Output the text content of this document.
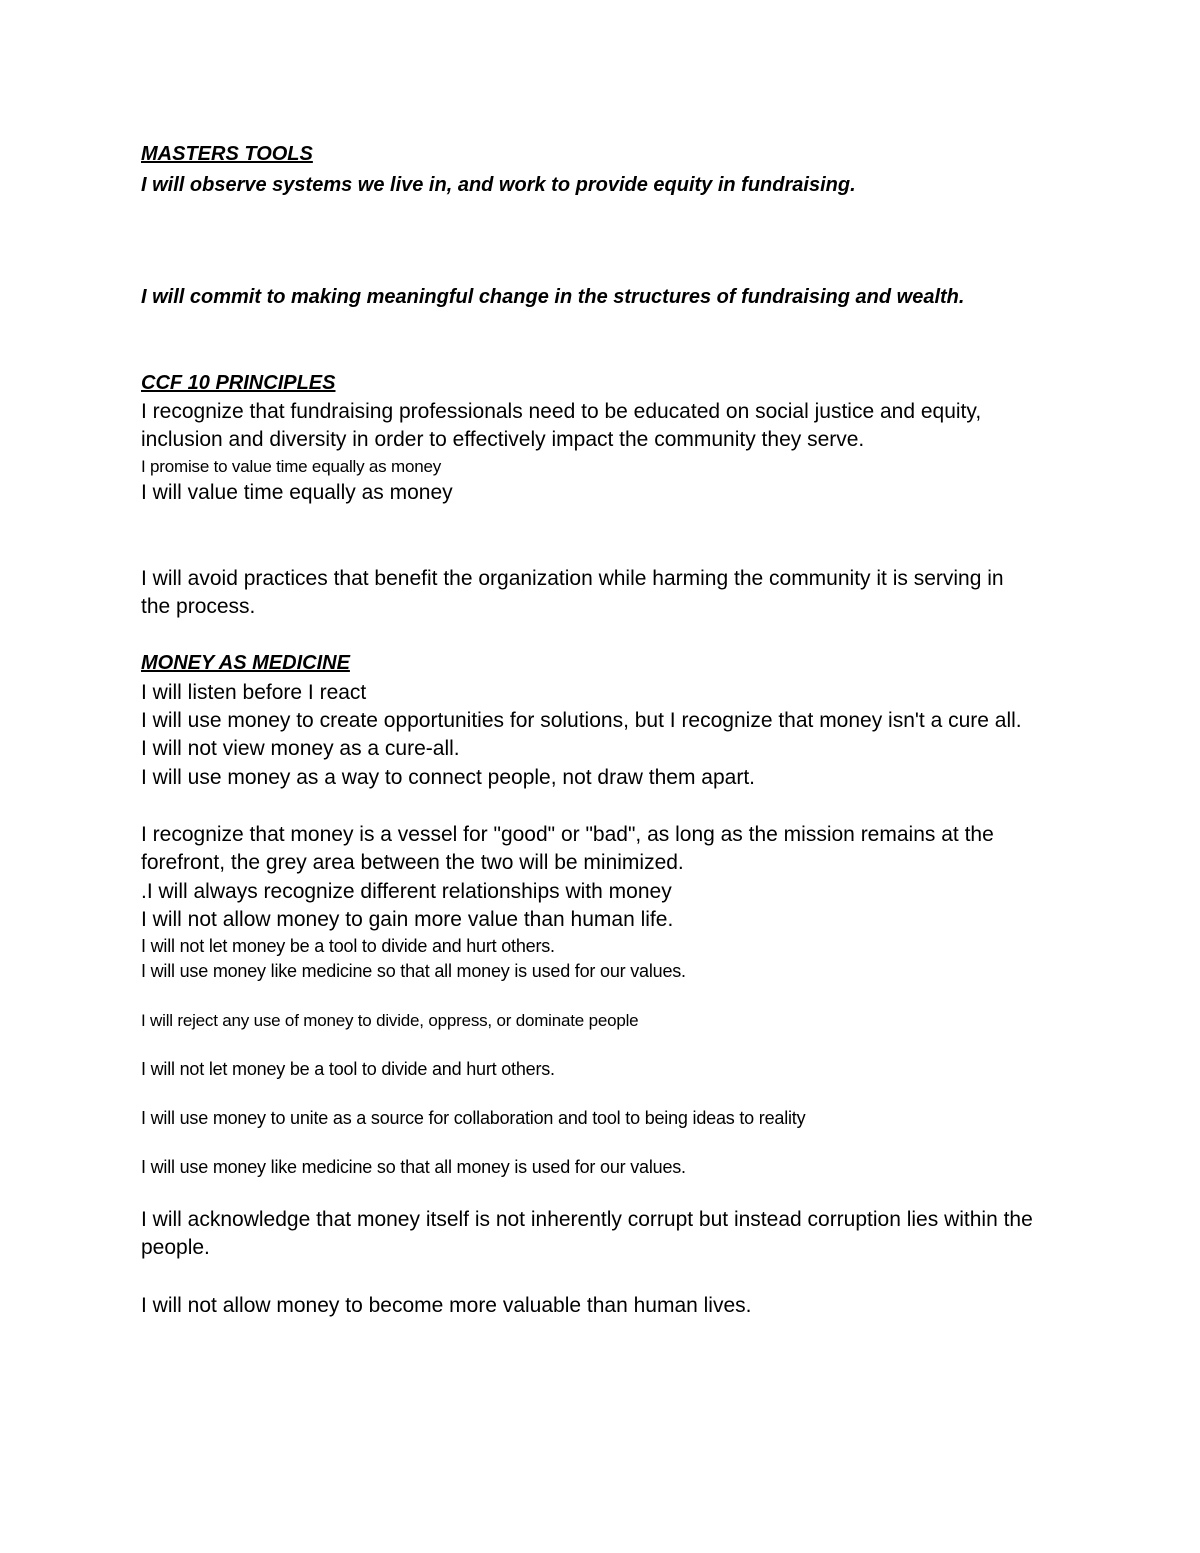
MASTERS TOOLS

I will observe systems we live in, and work to provide equity in fundraising.

I will commit to making meaningful change in the structures of fundraising and wealth.

CCF 10 PRINCIPLES

I recognize that fundraising professionals need to be educated on social justice and equity,

inclusion and diversity in order to effectively impact the community they serve.

I promise to value time equally as money

I will value time equally as money

I will avoid practices that benefit the organization while harming the community it is serving in

the process.

MONEY AS MEDICINE

I will listen before I react

I will use money to create opportunities for solutions, but I recognize that money isn't a cure all.

I will not view money as a cure-all.

I will use money as a way to connect people, not draw them apart.

I recognize that money is a vessel for "good" or "bad", as long as the mission remains at the

forefront, the grey area between the two will be minimized.

.I will always recognize different relationships with money

I will not allow money to gain more value than human life.

I will not let money be a tool to divide and hurt others.

I will use money like medicine so that all money is used for our values.

I will reject any use of money to divide, oppress, or dominate people

I will not let money be a tool to divide and hurt others.

I will use money to unite as a source for collaboration and tool to being ideas to reality

I will use money like medicine so that all money is used for our values.

I will acknowledge that money itself is not inherently corrupt but instead corruption lies within the

people.

I will not allow money to become more valuable than human lives.
